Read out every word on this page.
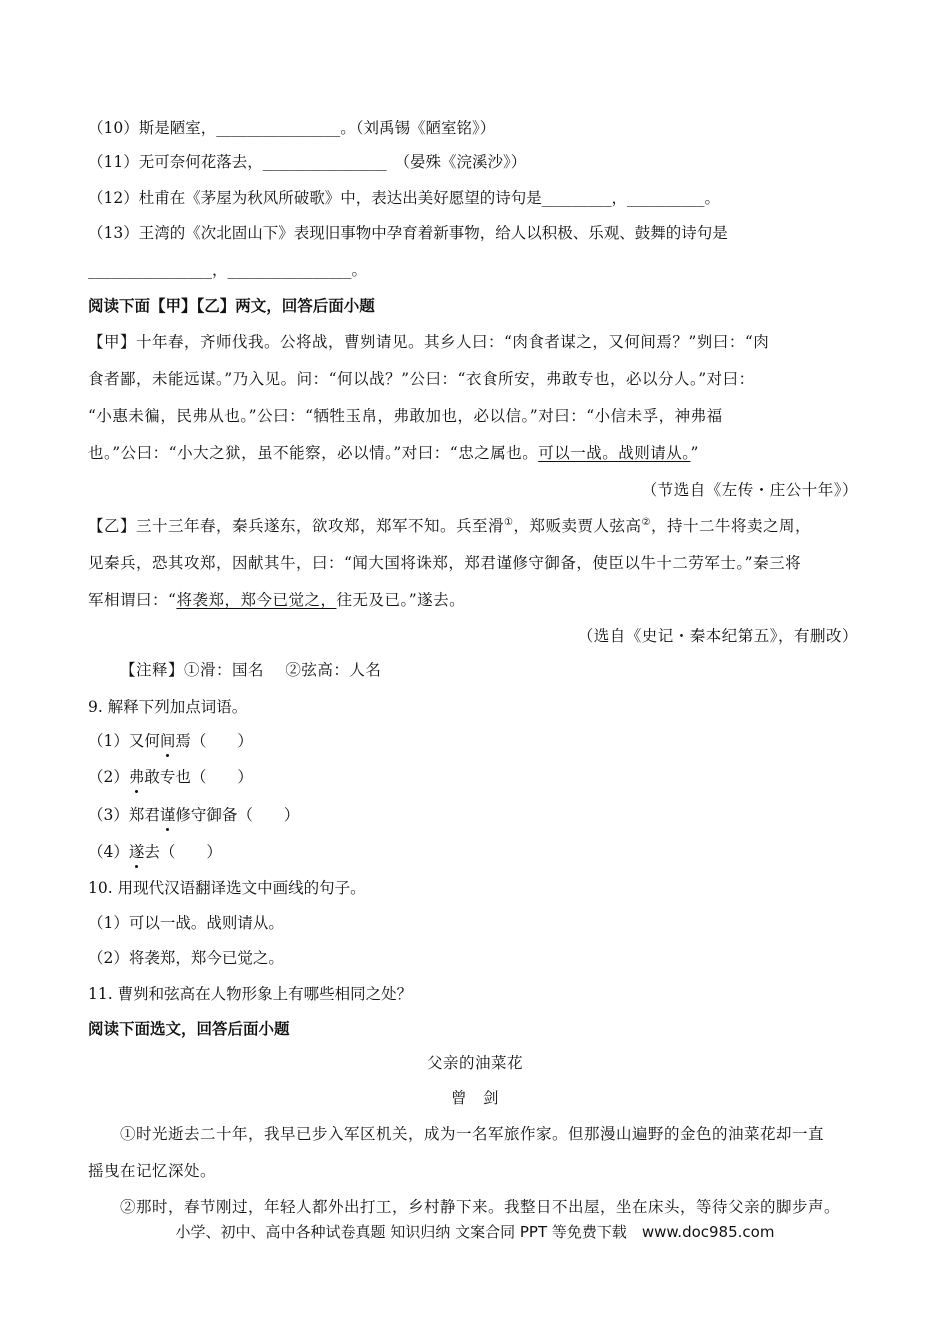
（10）斯是陋室，________________。（刘禹锡《陋室铭》）
（11）无可奈何花落去，________________　（晏殊《浣溪沙》）
（12）杜甫在《茅屋为秋风所破歌》中，表达出美好愿望的诗句是_________，__________。
（13）王湾的《次北固山下》表现旧事物中孕育着新事物，给人以积极、乐观、鼓舞的诗句是
________________，________________。
阅读下面【甲】【乙】两文，回答后面小题
【甲】十年春，齐师伐我。公将战，曹刿请见。其乡人曰：“肉食者谋之，又何间焉？”刿曰：“肉
食者鄙，未能远谋。”乃入见。问：“何以战？”公曰：“衣食所安，弗敢专也，必以分人。”对曰：
“小惠未徧，民弗从也。”公曰：“牺牲玉帛，弗敢加也，必以信。”对曰：“小信未孚，神弗福
也。”公曰：“小大之狱，虽不能察，必以情。”对曰：“忠之属也。可以一战。战则请从。”
（节选自《左传・庄公十年》）
【乙】三十三年春，秦兵遂东，欲攻郑，郑军不知。兵至滑①，郑贩卖贾人弦高②，持十二牛将卖之周，
见秦兵，恐其攻郑，因献其牛，曰：“闻大国将诛郑，郑君谨修守御备，使臣以牛十二劳军士。”秦三将
军相谓曰：“将袭郑，郑今已觉之，往无及已。”遂去。
（选自《史记・秦本纪第五》，有删改）
【注释】①滑：国名　 ②弦高：人名
9. 解释下列加点词语。
（1）又何间焉（　　）
（2）弗敢专也（　　）
（3）郑君谨修守御备（　　）
（4）遂去（　　）
10. 用现代汉语翻译选文中画线的句子。
（1）可以一战。战则请从。
（2）将袭郑，郑今已觉之。
11. 曹刿和弦高在人物形象上有哪些相同之处？
阅读下面选文，回答后面小题
父亲的油菜花
曾　剑
①时光逝去二十年，我早已步入军区机关，成为一名军旅作家。但那漫山遍野的金色的油菜花却一直
摇曳在记忆深处。
②那时，春节刚过，年轻人都外出打工，乡村静下来。我整日不出屋，坐在床头，等待父亲的脚步声。
小学、初中、高中各种试卷真题 知识归纳 文案合同 PPT 等免费下载　www.doc985.com
